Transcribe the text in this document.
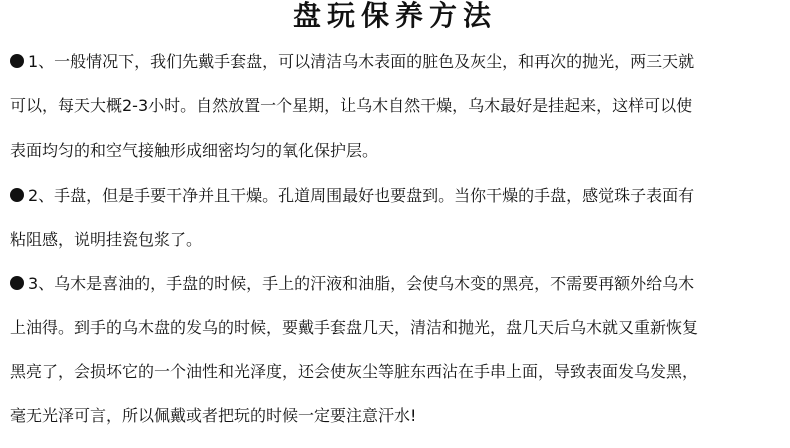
盘玩保养方法
1、一般情况下，我们先戴手套盘，可以清洁乌木表面的脏色及灰尘，和再次的抛光，两三天就
可以，每天大概2-3小时。自然放置一个星期，让乌木自然干燥，乌木最好是挂起来，这样可以使
表面均匀的和空气接触形成细密均匀的氧化保护层。
2、手盘，但是手要干净并且干燥。孔道周围最好也要盘到。当你干燥的手盘，感觉珠子表面有
粘阻感，说明挂瓷包浆了。
3、乌木是喜油的，手盘的时候，手上的汗液和油脂，会使乌木变的黑亮，不需要再额外给乌木
上油得。到手的乌木盘的发乌的时候，要戴手套盘几天，清洁和抛光，盘几天后乌木就又重新恢复
黑亮了，会损坏它的一个油性和光泽度，还会使灰尘等脏东西沾在手串上面，导致表面发乌发黑，
毫无光泽可言，所以佩戴或者把玩的时候一定要注意汗水!
